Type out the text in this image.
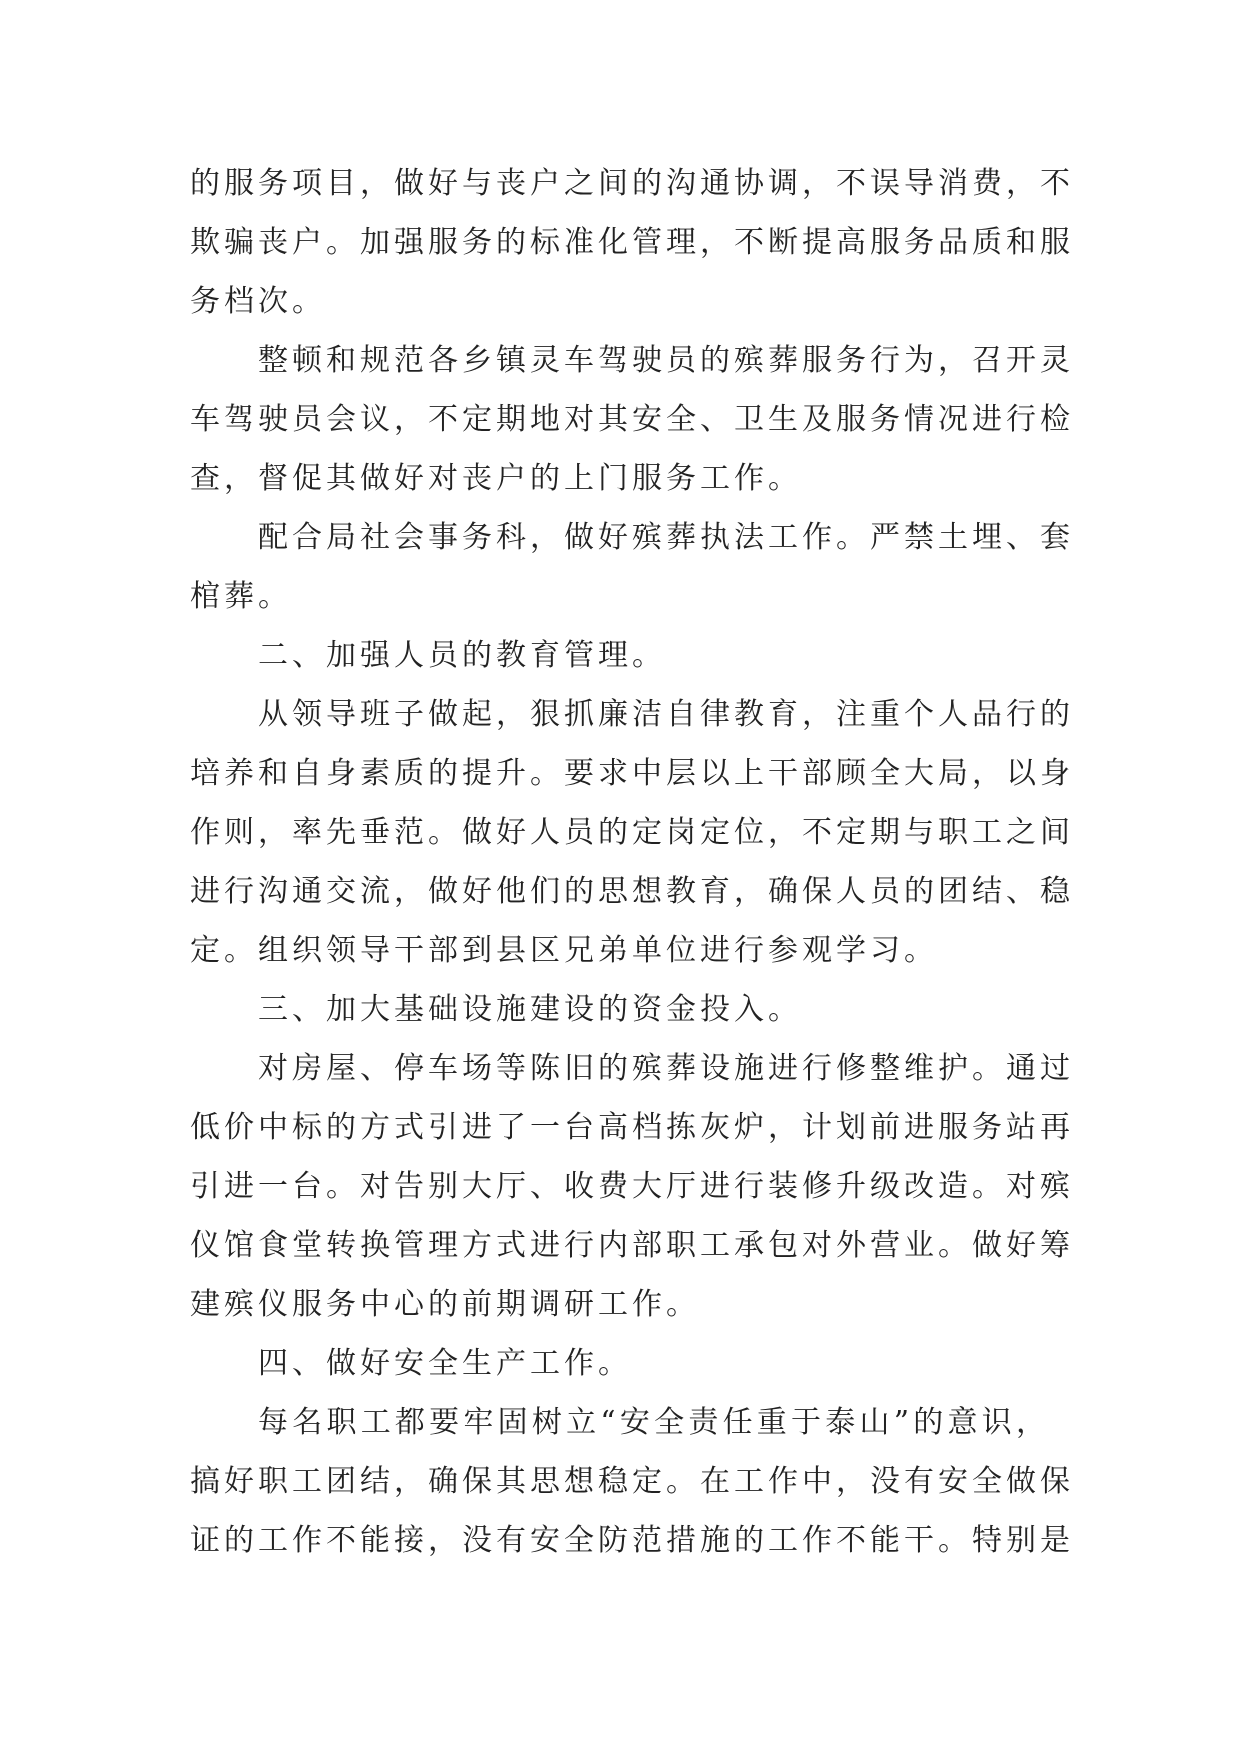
的服务项目，做好与丧户之间的沟通协调，不误导消费，不
欺骗丧户。加强服务的标准化管理，不断提高服务品质和服
务档次。
整顿和规范各乡镇灵车驾驶员的殡葬服务行为，召开灵
车驾驶员会议，不定期地对其安全、卫生及服务情况进行检
查，督促其做好对丧户的上门服务工作。
配合局社会事务科，做好殡葬执法工作。严禁土埋、套
棺葬。
二、加强人员的教育管理。
从领导班子做起，狠抓廉洁自律教育，注重个人品行的
培养和自身素质的提升。要求中层以上干部顾全大局，以身
作则，率先垂范。做好人员的定岗定位，不定期与职工之间
进行沟通交流，做好他们的思想教育，确保人员的团结、稳
定。组织领导干部到县区兄弟单位进行参观学习。
三、加大基础设施建设的资金投入。
对房屋、停车场等陈旧的殡葬设施进行修整维护。通过
低价中标的方式引进了一台高档拣灰炉，计划前进服务站再
引进一台。对告别大厅、收费大厅进行装修升级改造。对殡
仪馆食堂转换管理方式进行内部职工承包对外营业。做好筹
建殡仪服务中心的前期调研工作。
四、做好安全生产工作。
每名职工都要牢固树立“安全责任重于泰山”的意识，
搞好职工团结，确保其思想稳定。在工作中，没有安全做保
证的工作不能接，没有安全防范措施的工作不能干。特别是
